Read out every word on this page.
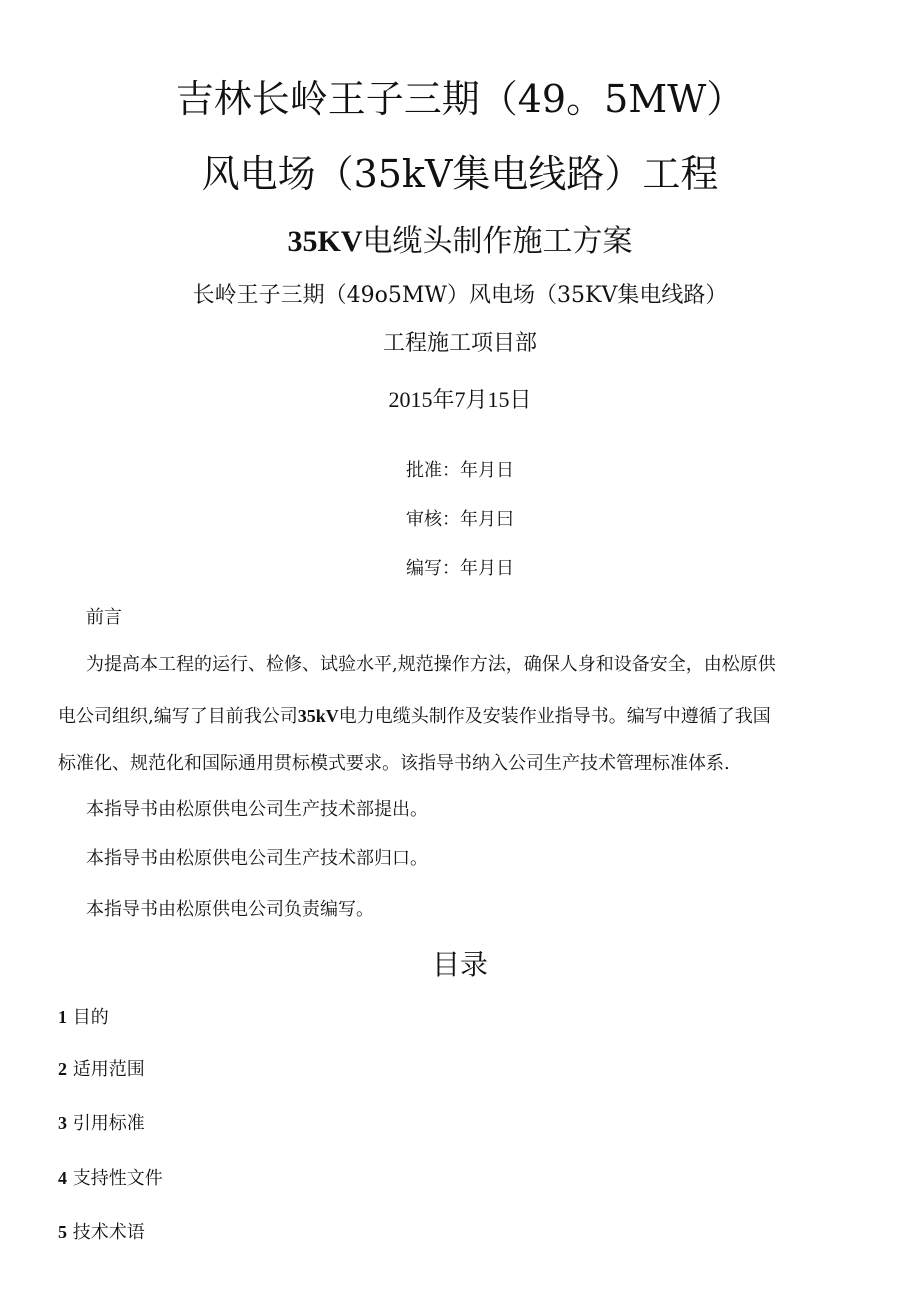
吉林长岭王子三期（49。5MW）
风电场（35kV集电线路）工程
35KV电缆头制作施工方案
长岭王子三期（49o5MW）风电场（35KV集电线路）
工程施工项目部
2015年7月15日
批准：年月日
审核：年月曰
编写：年月日
前言
为提高本工程的运行、检修、试验水平,规范操作方法，确保人身和设备安全，由松原供
电公司组织,编写了目前我公司35kV电力电缆头制作及安装作业指导书。编写中遵循了我国
标准化、规范化和国际通用贯标模式要求。该指导书纳入公司生产技术管理标准体系.
本指导书由松原供电公司生产技术部提出。
本指导书由松原供电公司生产技术部归口。
本指导书由松原供电公司负责编写。
目录
1 目的
2 适用范围
3 引用标准
4 支持性文件
5 技术术语
